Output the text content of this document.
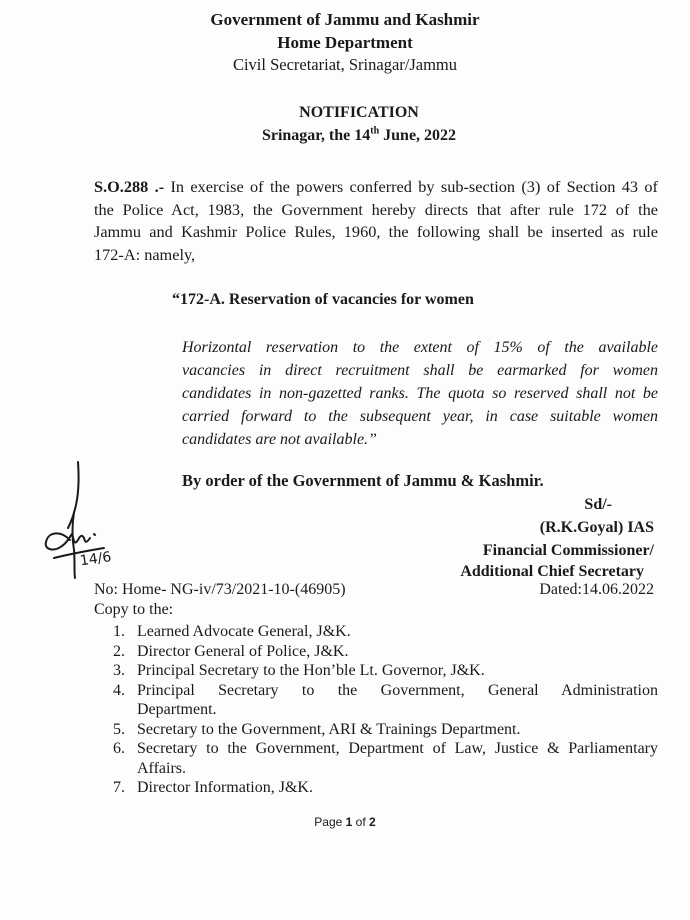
Government of Jammu and Kashmir
Home Department
Civil Secretariat, Srinagar/Jammu
NOTIFICATION
Srinagar, the 14th June, 2022
S.O.288 .- In exercise of the powers conferred by sub-section (3) of Section 43 of
the Police Act, 1983, the Government hereby directs that after rule 172 of the
Jammu and Kashmir Police Rules, 1960, the following shall be inserted as rule
172-A: namely,
“172-A. Reservation of vacancies for women
Horizontal reservation to the extent of 15% of the available
vacancies in direct recruitment shall be earmarked for women
candidates in non-gazetted ranks. The quota so reserved shall not be
carried forward to the subsequent year, in case suitable women
candidates are not available.”
By order of the Government of Jammu & Kashmir.
14/6
Sd/-
(R.K.Goyal) IAS
Financial Commissioner/
Additional Chief Secretary
Dated:14.06.2022
No: Home- NG-iv/73/2021-10-(46905)
Copy to the:
1. Learned Advocate General, J&K.
2. Director General of Police, J&K.
3. Principal Secretary to the Hon’ble Lt. Governor, J&K.
4. Principal Secretary to the Government, General Administration
Department.
5. Secretary to the Government, ARI & Trainings Department.
6. Secretary to the Government, Department of Law, Justice & Parliamentary
Affairs.
7. Director Information, J&K.
Page 1 of 2
